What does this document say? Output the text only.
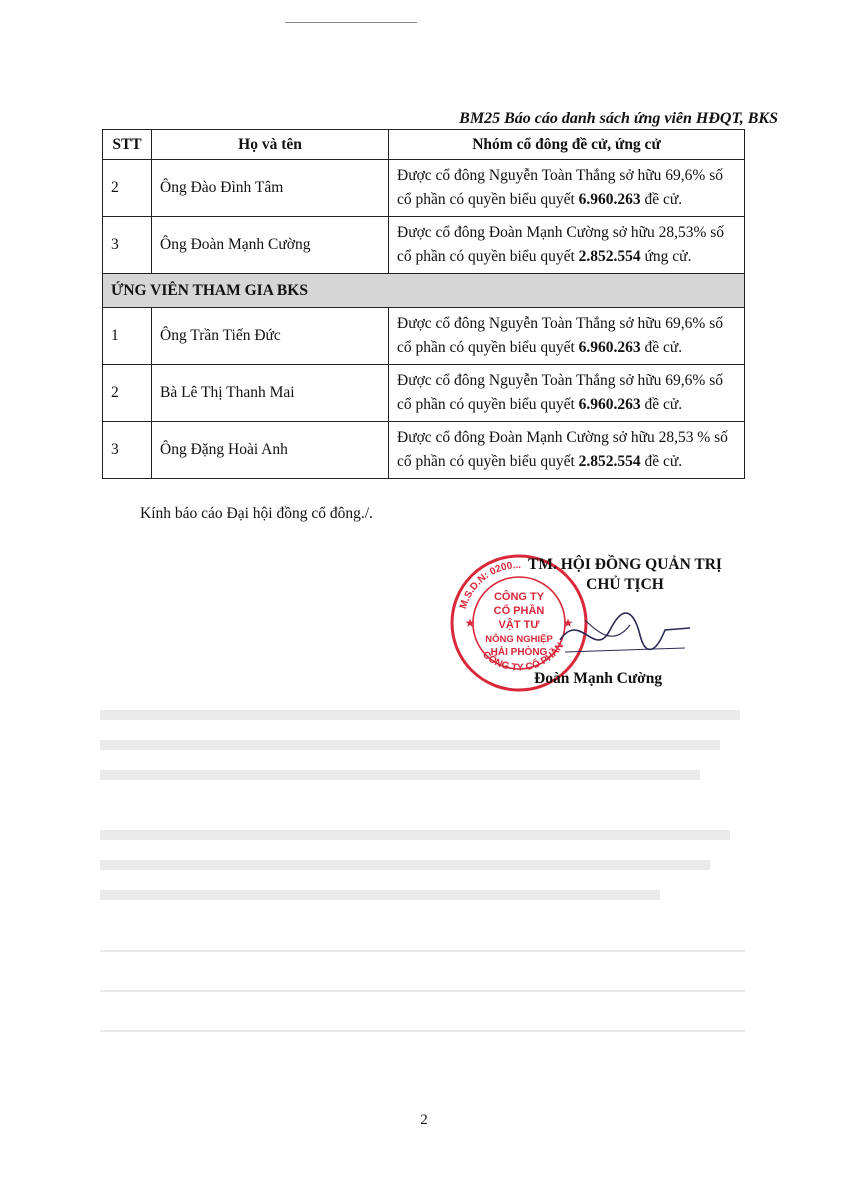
BM25 Báo cáo danh sách ứng viên HĐQT, BKS
STT	Họ và tên	Nhóm cổ đông đề cử, ứng cử
2	Ông Đào Đình Tâm	Được cổ đông Nguyễn Toàn Thắng sở hữu 69,6% số cổ phần có quyền biểu quyết 6.960.263 đề cử.
3	Ông Đoàn Mạnh Cường	Được cổ đông Đoàn Mạnh Cường sở hữu 28,53% số cổ phần có quyền biểu quyết 2.852.554 ứng cử.
ỨNG VIÊN THAM GIA BKS		
1	Ông Trần Tiến Đức	Được cổ đông Nguyễn Toàn Thắng sở hữu 69,6% số cổ phần có quyền biểu quyết 6.960.263 đề cử.
2	Bà Lê Thị Thanh Mai	Được cổ đông Nguyễn Toàn Thắng sở hữu 69,6% số cổ phần có quyền biểu quyết 6.960.263 đề cử.
3	Ông Đặng Hoài Anh	Được cổ đông Đoàn Mạnh Cường sở hữu 28,53 % số cổ phần có quyền biểu quyết 2.852.554 đề cử.
Kính báo cáo Đại hội đồng cổ đông./.
M.S.D.N: 0200...
CÔNG TY CỔ PHẦN
CÔNG TY
CỔ PHẦN
VẬT TƯ
NÔNG NGHIỆP
HẢI PHÒNG
★	★
TM. HỘI ĐỒNG QUẢN TRỊ
CHỦ TỊCH
Đoàn Mạnh Cường
2
